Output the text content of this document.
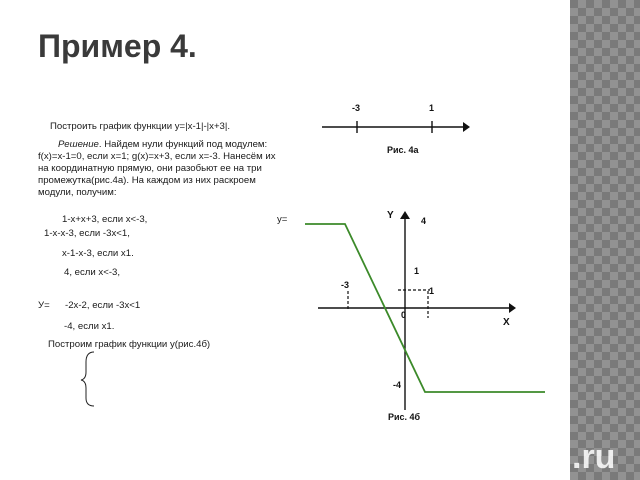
.ru
Пример 4.
Построить график функции y=|x-1|-|x+3|.
Решение. Найдем нули функций под модулем: f(x)=x-1=0, если x=1; g(x)=x+3, если x=-3. Нанесём их на координатную прямую, они разобьют ее на три промежутка(рис.4а). На каждом из них раскроем модули, получим:
1-x+x+3, если x<-3,	y=
1-x-x-3, если -3x<1,
x-1-x-3, если x1.
4, если x<-3,
У= -2x-2, если -3x<1
-4, если x1.
Построим график функции у(рис.4б)
-3	1
Рис. 4а
Y	4
1
-3
1
0
X
-4
Рис. 4б
